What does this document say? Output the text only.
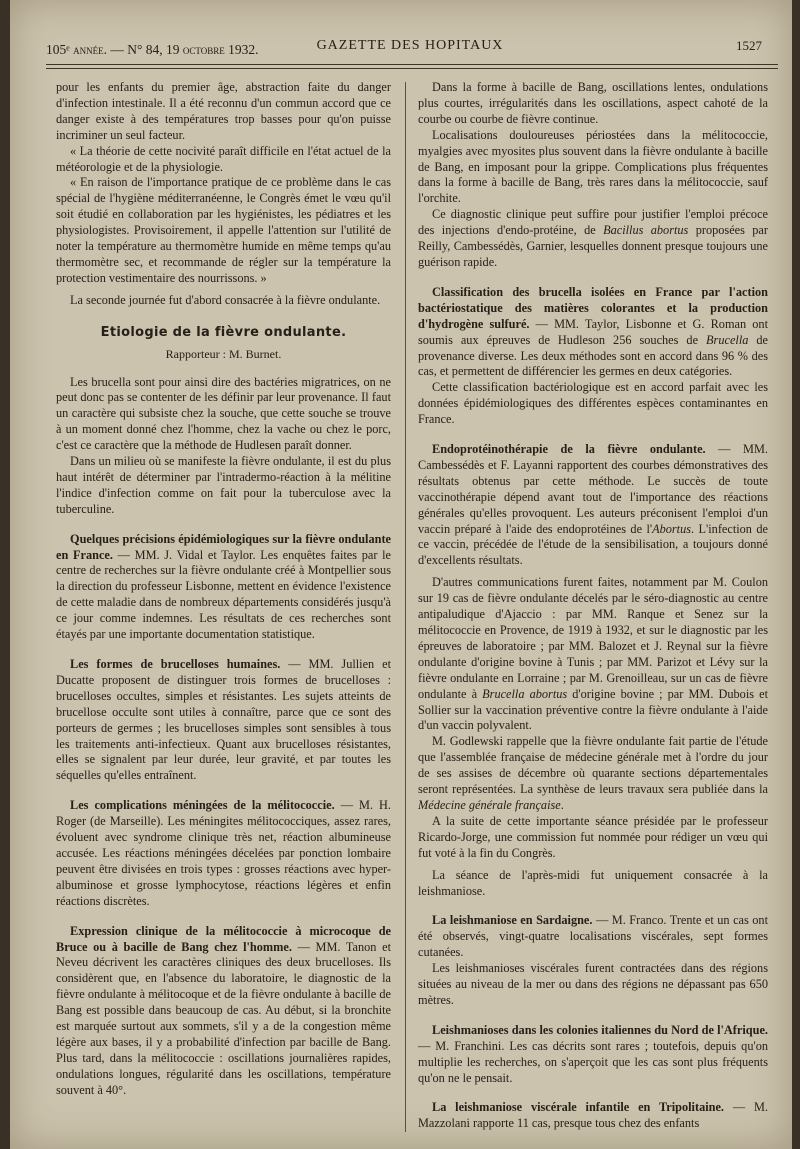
105ᵉ année. — N° 84, 19 octobre 1932.	GAZETTE DES HOPITAUX	1527

pour les enfants du premier âge, abstraction faite du danger d'infection intestinale. Il a été reconnu d'un commun accord que ce danger existe à des températures trop basses pour qu'on puisse incriminer un seul facteur.

« La théorie de cette nocivité paraît difficile en l'état actuel de la météorologie et de la physiologie.

« En raison de l'importance pratique de ce problème dans le cas spécial de l'hygiène méditerranéenne, le Congrès émet le vœu qu'il soit étudié en collaboration par les hygiénistes, les pédiatres et les physiologistes. Provisoirement, il appelle l'attention sur l'utilité de noter la température au thermomètre humide en même temps qu'au thermomètre sec, et recommande de régler sur la température la protection vestimentaire des nourrissons. »

La seconde journée fut d'abord consacrée à la fièvre ondulante.

Etiologie de la fièvre ondulante.
Rapporteur : M. Burnet.

Les brucella sont pour ainsi dire des bactéries migratrices, on ne peut donc pas se contenter de les définir par leur provenance. Il faut un caractère qui subsiste chez la souche, que cette souche se trouve à un moment donné chez l'homme, chez la vache ou chez le porc, c'est ce caractère que la méthode de Hudlesen paraît donner.

Dans un milieu où se manifeste la fièvre ondulante, il est du plus haut intérêt de déterminer par l'intradermo-réaction à la mélitine l'indice d'infection comme on fait pour la tuberculose avec la tuberculine.

Quelques précisions épidémiologiques sur la fièvre ondulante en France. — MM. J. Vidal et Taylor. Les enquêtes faites par le centre de recherches sur la fièvre ondulante créé à Montpellier sous la direction du professeur Lisbonne, mettent en évidence l'existence de cette maladie dans de nombreux départements considérés jusqu'à ce jour comme indemnes. Les résultats de ces recherches sont étayés par une importante documentation statistique.

Les formes de brucelloses humaines. — MM. Jullien et Ducatte proposent de distinguer trois formes de brucelloses : brucelloses occultes, simples et résistantes. Les sujets atteints de brucellose occulte sont utiles à connaître, parce que ce sont des porteurs de germes ; les brucelloses simples sont sensibles à tous les traitements anti-infectieux. Quant aux brucelloses résistantes, elles se signalent par leur durée, leur gravité, et par toutes les séquelles qu'elles entraînent.

Les complications méningées de la mélitococcie. — M. H. Roger (de Marseille). Les méningites mélitococciques, assez rares, évoluent avec syndrome clinique très net, réaction albumineuse accusée. Les réactions méningées décelées par ponction lombaire peuvent être divisées en trois types : grosses réactions avec hyper-albuminose et grosse lymphocytose, réactions légères et enfin réactions discrètes.

Expression clinique de la mélitococcie à microcoque de Bruce ou à bacille de Bang chez l'homme. — MM. Tanon et Neveu décrivent les caractères cliniques des deux brucelloses. Ils considèrent que, en l'absence du laboratoire, le diagnostic de la fièvre ondulante à mélitocoque et de la fièvre ondulante à bacille de Bang est possible dans beaucoup de cas. Au début, si la bronchite est marquée surtout aux sommets, s'il y a de la congestion même légère aux bases, il y a probabilité d'infection par bacille de Bang. Plus tard, dans la mélitococcie : oscillations journalières rapides, ondulations longues, régularité dans les oscillations, température souvent à 40°.

Dans la forme à bacille de Bang, oscillations lentes, ondulations plus courtes, irrégularités dans les oscillations, aspect cahoté de la courbe ou courbe de fièvre continue.

Localisations douloureuses périostées dans la mélitococcie, myalgies avec myosites plus souvent dans la fièvre ondulante à bacille de Bang, en imposant pour la grippe. Complications plus fréquentes dans la forme à bacille de Bang, très rares dans la mélitococcie, sauf l'orchite.

Ce diagnostic clinique peut suffire pour justifier l'emploi précoce des injections d'endo-protéine, de Bacillus abortus proposées par Reilly, Cambessédès, Garnier, lesquelles donnent presque toujours une guérison rapide.

Classification des brucella isolées en France par l'action bactériostatique des matières colorantes et la production d'hydrogène sulfuré. — MM. Taylor, Lisbonne et G. Roman ont soumis aux épreuves de Hudleson 256 souches de Brucella de provenance diverse. Les deux méthodes sont en accord dans 96 % des cas, et permettent de différencier les germes en deux catégories.

Cette classification bactériologique est en accord parfait avec les données épidémiologiques des différentes espèces contaminantes en France.

Endoprotéinothérapie de la fièvre ondulante. — MM. Cambessédès et F. Layanni rapportent des courbes démonstratives des résultats obtenus par cette méthode. Le succès de toute vaccinothérapie dépend avant tout de l'importance des réactions générales qu'elles provoquent. Les auteurs préconisent l'emploi d'un vaccin préparé à l'aide des endoprotéines de l'Abortus. L'infection de ce vaccin, précédée de l'étude de la sensibilisation, a toujours donné d'excellents résultats.

D'autres communications furent faites, notamment par M. Coulon sur 19 cas de fièvre ondulante décelés par le séro-diagnostic au centre antipaludique d'Ajaccio : par MM. Ranque et Senez sur la mélitococcie en Provence, de 1919 à 1932, et sur le diagnostic par les épreuves de laboratoire ; par MM. Balozet et J. Reynal sur la fièvre ondulante d'origine bovine à Tunis ; par MM. Parizot et Lévy sur la fièvre ondulante en Lorraine ; par M. Grenoilleau, sur un cas de fièvre ondulante à Brucella abortus d'origine bovine ; par MM. Dubois et Sollier sur la vaccination préventive contre la fièvre ondulante à l'aide d'un vaccin polyvalent.

M. Godlewski rappelle que la fièvre ondulante fait partie de l'étude que l'assemblée française de médecine générale met à l'ordre du jour de ses assises de décembre où quarante sections départementales seront représentées. La synthèse de leurs travaux sera publiée dans la Médecine générale française.

A la suite de cette importante séance présidée par le professeur Ricardo-Jorge, une commission fut nommée pour rédiger un vœu qui fut voté à la fin du Congrès.

La séance de l'après-midi fut uniquement consacrée à la leishmaniose.

La leishmaniose en Sardaigne. — M. Franco. Trente et un cas ont été observés, vingt-quatre localisations viscérales, sept formes cutanées.

Les leishmanioses viscérales furent contractées dans des régions situées au niveau de la mer ou dans des régions ne dépassant pas 650 mètres.

Leishmanioses dans les colonies italiennes du Nord de l'Afrique. — M. Franchini. Les cas décrits sont rares ; toutefois, depuis qu'on multiplie les recherches, on s'aperçoit que les cas sont plus fréquents qu'on ne le pensait.

La leishmaniose viscérale infantile en Tripolitaine. — M. Mazzolani rapporte 11 cas, presque tous chez des enfants
